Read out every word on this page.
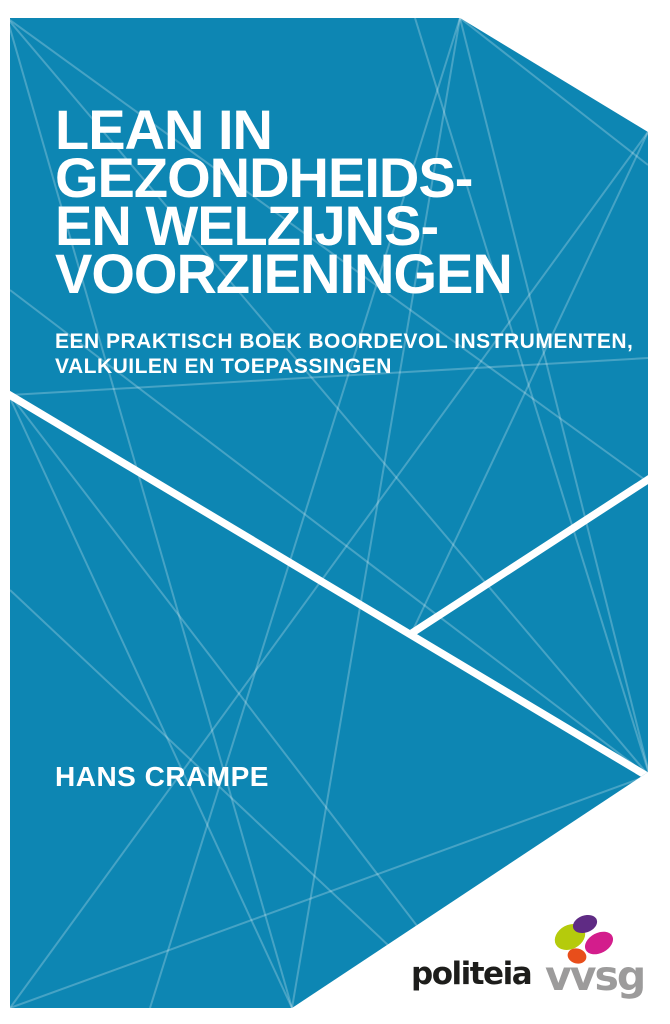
LEAN IN
GEZONDHEIDS-
EN WELZIJNS-
VOORZIENINGEN
EEN PRAKTISCH BOEK BOORDEVOL INSTRUMENTEN,
VALKUILEN EN TOEPASSINGEN
HANS CRAMPE
politeia vvsg
